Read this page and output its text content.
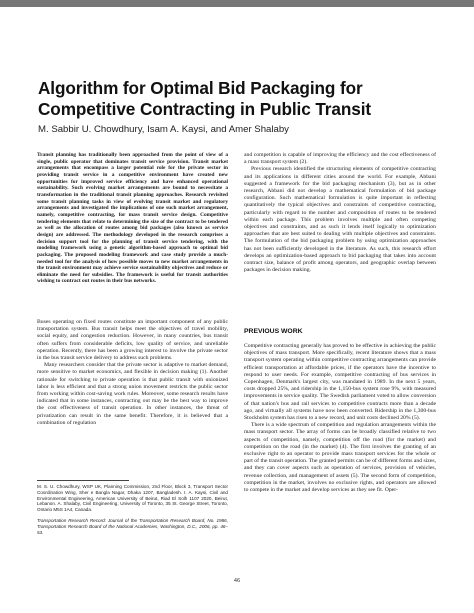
Algorithm for Optimal Bid Packaging for Competitive Contracting in Public Transit
M. Sabbir U. Chowdhury, Isam A. Kaysi, and Amer Shalaby

Transit planning has traditionally been approached from the point of view of a single, public operator that dominates transit service provision. Transit market arrangements that encompass a larger potential role for the private sector in providing transit service in a competitive environment have created new opportunities for improved service efficiency and have enhanced operational sustainability. Such evolving market arrangements are bound to necessitate a transformation in the traditional transit planning approaches. Research revisited some transit planning tasks in view of evolving transit market and regulatory arrangements and investigated the implications of one such market arrangement, namely, competitive contracting, for mass transit service design. Competitive tendering elements that relate to determining the size of the contract to be tendered as well as the allocation of routes among bid packages (also known as service design) are addressed. The methodology developed in the research comprises a decision support tool for the planning of transit service tendering, with the modeling framework using a genetic algorithm-based approach to optimal bid packaging. The proposed modeling framework and case study provide a much-needed tool for the analysis of how possible moves to new market arrangements in the transit environment may achieve service sustainability objectives and reduce or eliminate the need for subsidies. The framework is useful for transit authorities wishing to contract out routes in their bus networks.

Buses operating on fixed routes constitute an important component of any public transportation system. Bus transit helps meet the objectives of travel mobility, social equity, and congestion reduction. However, in many countries, bus transit often suffers from considerable deficits, low quality of service, and unreliable operation. Recently, there has been a growing interest to involve the private sector in the bus transit service delivery to address such problems.

Many researchers consider that the private sector is adaptive to market demand, more sensitive to market economics, and flexible in decision making (1). Another rationale for switching to private operation is that public transit with unionized labor is less efficient and that a strong union movement restricts the public sector from working within cost-saving work rules. Moreover, some research results have indicated that in some instances, contracting out may be the best way to improve the cost effectiveness of transit operation. In other instances, the threat of privatization can result in the same benefit. Therefore, it is believed that a combination of regulation

M. S. U. Chowdhury, WSP UK, Planning Commission, 2nd Floor, Block 3, Transport Sector Coordination Wing, Sher e Bangla Nagar, Dhaka 1207, Bangladesh. I. A. Kaysi, Civil and Environmental Engineering, American University of Beirut, Riad El Solh 1107 2020, Beirut, Lebanon. A. Shalaby, Civil Engineering, University of Toronto, 35 St. George Street, Toronto, Ontario M5S 1A4, Canada.

Transportation Research Record: Journal of the Transportation Research Board, No. 1986, Transportation Research Board of the National Academies, Washington, D.C., 2006, pp. 46–53.

and competition is capable of improving the efficiency and the cost effectiveness of a mass transport system (2).

Previous research identified the structuring elements of competitive contracting and its applications in different cities around the world. For example, Abbani suggested a framework for the bid packaging mechanism (3), but as in other research, Abbani did not develop a mathematical formulation of bid package configuration. Such mathematical formulation is quite important in reflecting quantitatively the typical objectives and constraints of competitive contracting, particularly with regard to the number and composition of routes to be tendered within each package. This problem involves multiple and often competing objectives and constraints, and as such it lends itself logically to optimization approaches that are best suited to dealing with multiple objectives and constraints. The formulation of the bid packaging problem by using optimization approaches has not been sufficiently developed in the literature. As such, this research effort develops an optimization-based approach to bid packaging that takes into account contract size, balance of profit among operators, and geographic overlap between packages in decision making.

PREVIOUS WORK

Competitive contracting generally has proved to be effective in achieving the public objectives of mass transport. More specifically, recent literature shows that a mass transport system operating within competitive contracting arrangements can provide efficient transportation at affordable prices, if the operators have the incentive to respond to user needs. For example, competitive contracting of bus services in Copenhagen, Denmark's largest city, was mandated in 1989. In the next 5 years, costs dropped 25%, and ridership in the 1,150-bus system rose 9%, with measured improvements in service quality. The Swedish parliament voted to allow conversion of that nation's bus and rail services to competitive contracts more than a decade ago, and virtually all systems have now been converted. Ridership in the 1,300-bus Stockholm system has risen to a new record, and unit costs declined 20% (5).

There is a wide spectrum of competition and regulation arrangements within the mass transport sector. The array of forms can be broadly classified relative to two aspects of competition, namely, competition off the road (for the market) and competition on the road (in the market) (4). The first involves the granting of an exclusive right to an operator to provide mass transport services for the whole or part of the transit operation. The granted permits can be of different forms and sizes, and they can cover aspects such as operation of services, provision of vehicles, revenue collection, and management of assets (5). The second form of competition, competition in the market, involves no exclusive rights, and operators are allowed to compete in the market and develop services as they see fit. Oper-

46
